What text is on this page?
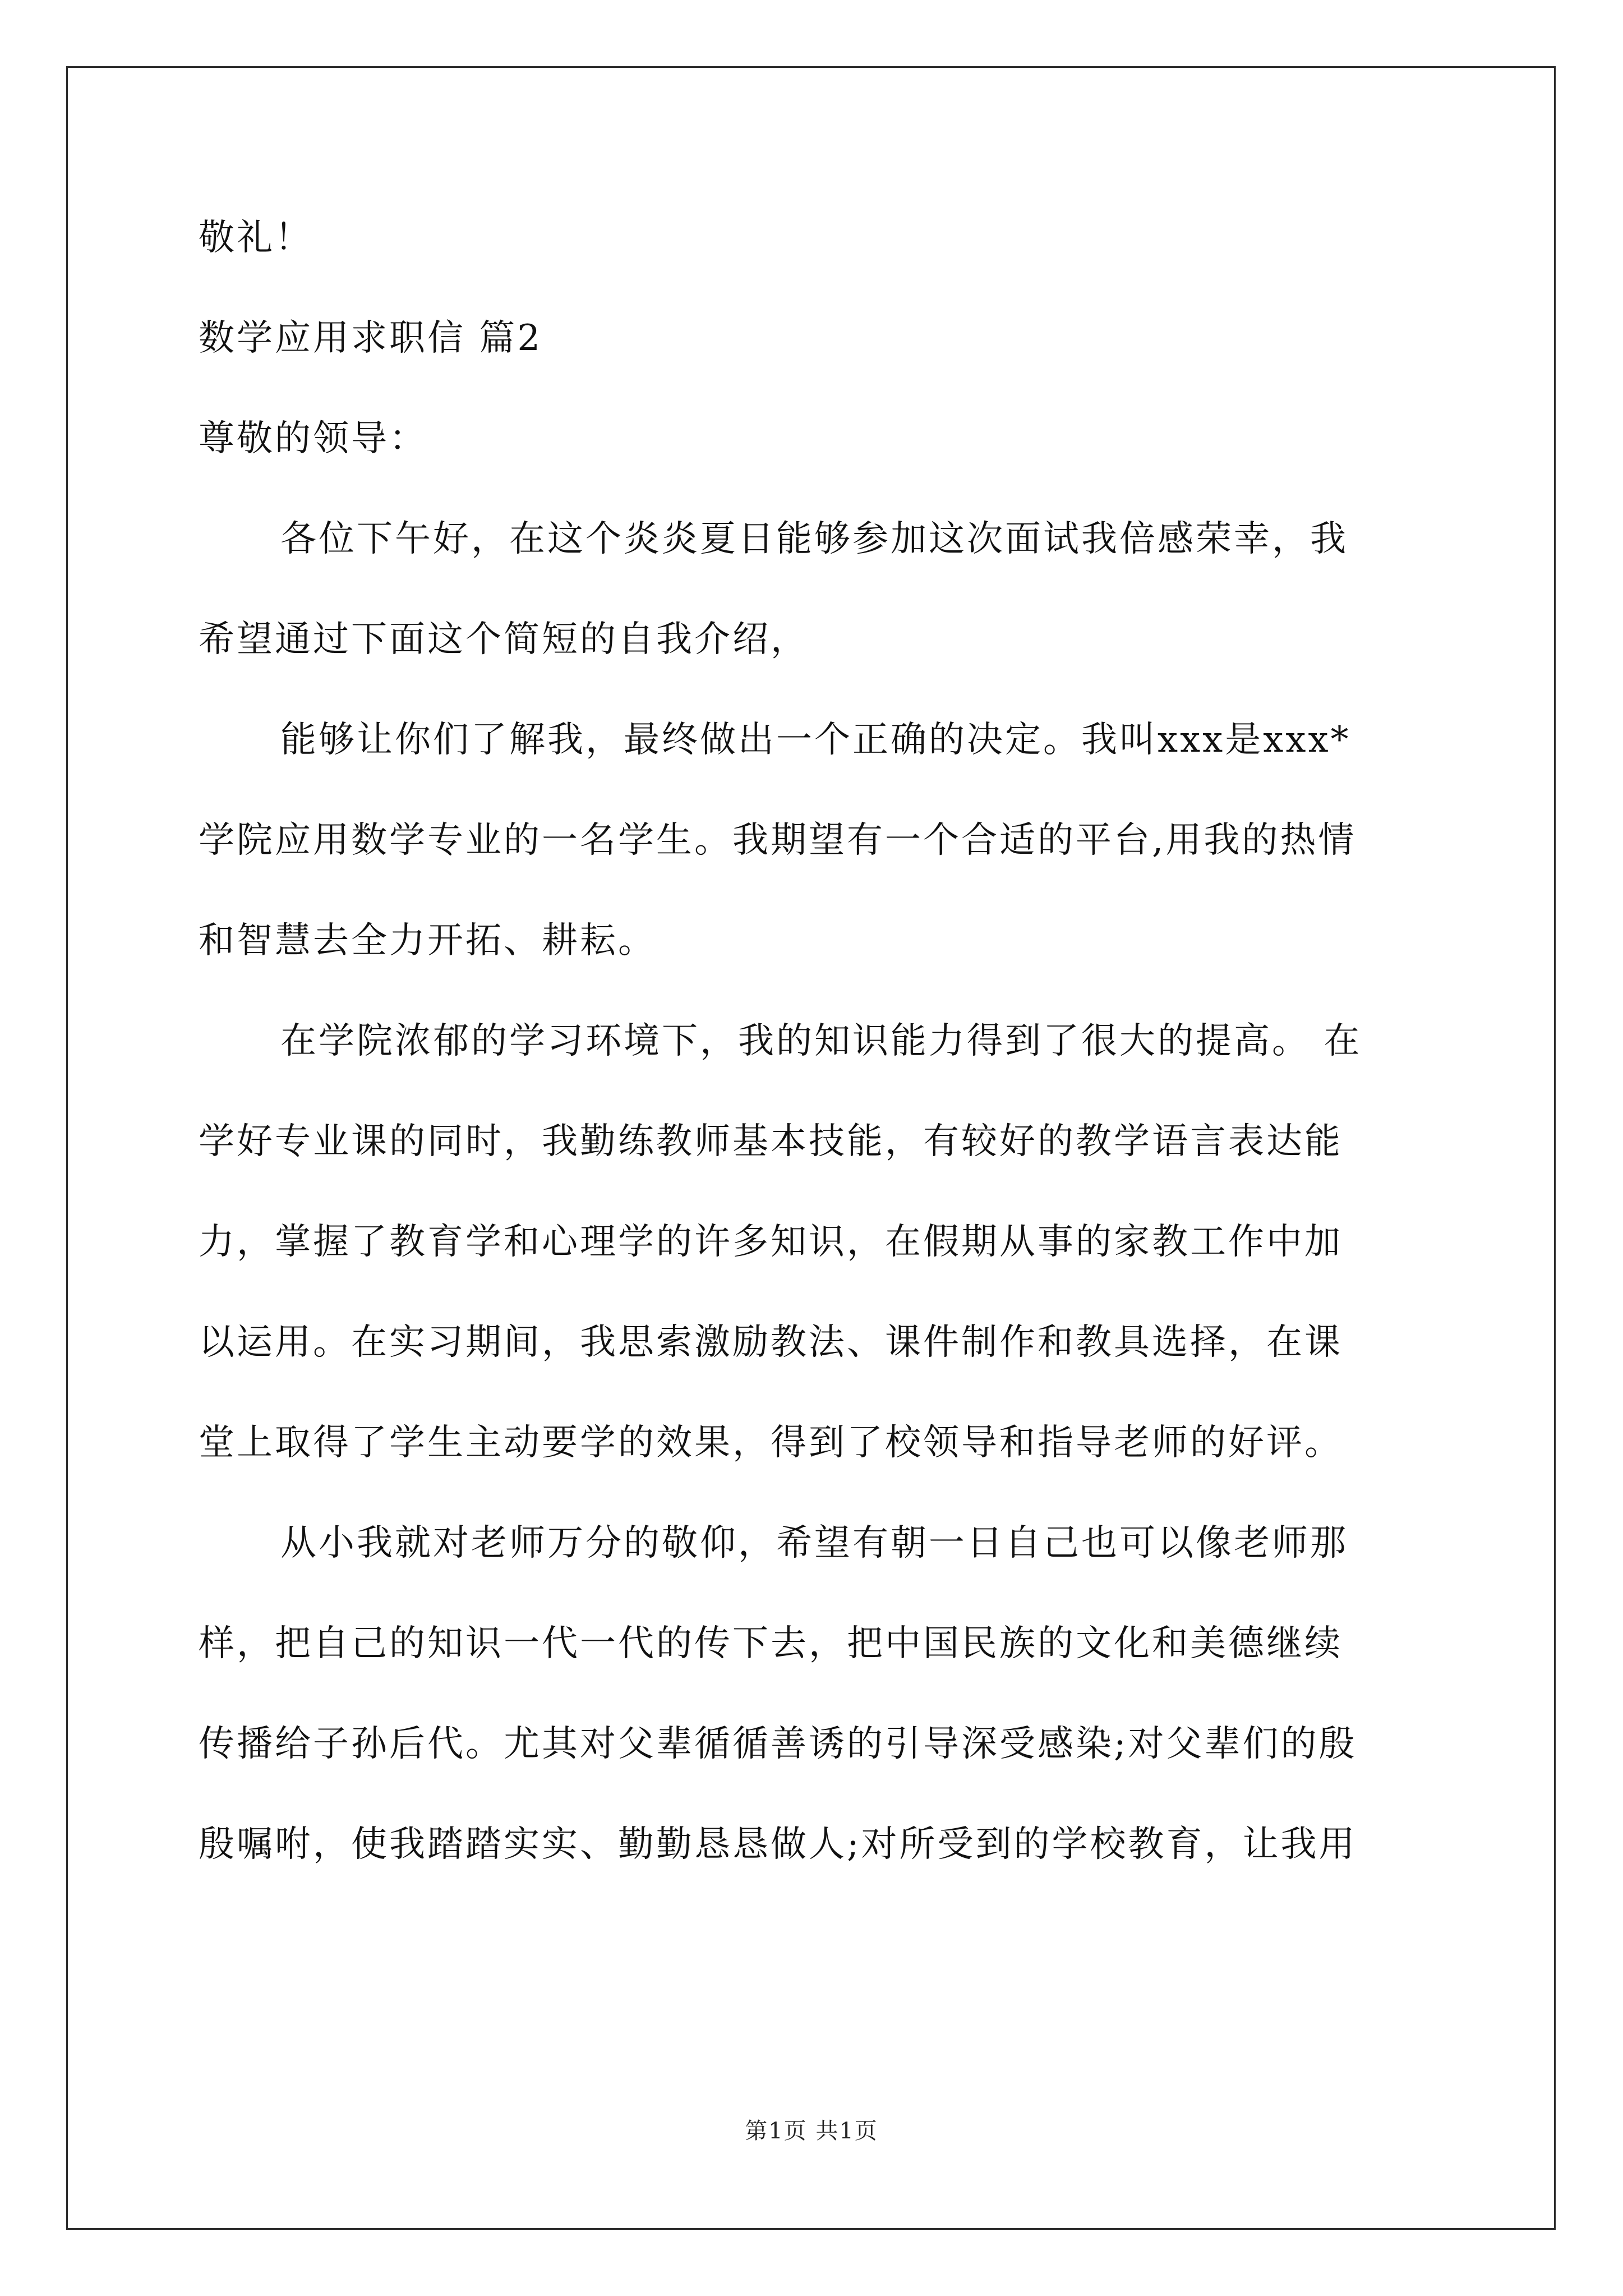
敬礼！

数学应用求职信 篇2

尊敬的领导：

各位下午好，在这个炎炎夏日能够参加这次面试我倍感荣幸，我

希望通过下面这个简短的自我介绍，

能够让你们了解我，最终做出一个正确的决定。我叫xxx是xxx*

学院应用数学专业的一名学生。我期望有一个合适的平台,用我的热情

和智慧去全力开拓、耕耘。

在学院浓郁的学习环境下，我的知识能力得到了很大的提高。 在

学好专业课的同时，我勤练教师基本技能，有较好的教学语言表达能

力，掌握了教育学和心理学的许多知识，在假期从事的家教工作中加

以运用。在实习期间，我思索激励教法、课件制作和教具选择，在课

堂上取得了学生主动要学的效果，得到了校领导和指导老师的好评。

从小我就对老师万分的敬仰，希望有朝一日自己也可以像老师那

样，把自己的知识一代一代的传下去，把中国民族的文化和美德继续

传播给子孙后代。尤其对父辈循循善诱的引导深受感染;对父辈们的殷

殷嘱咐，使我踏踏实实、勤勤恳恳做人;对所受到的学校教育，让我用

第1页 共1页
